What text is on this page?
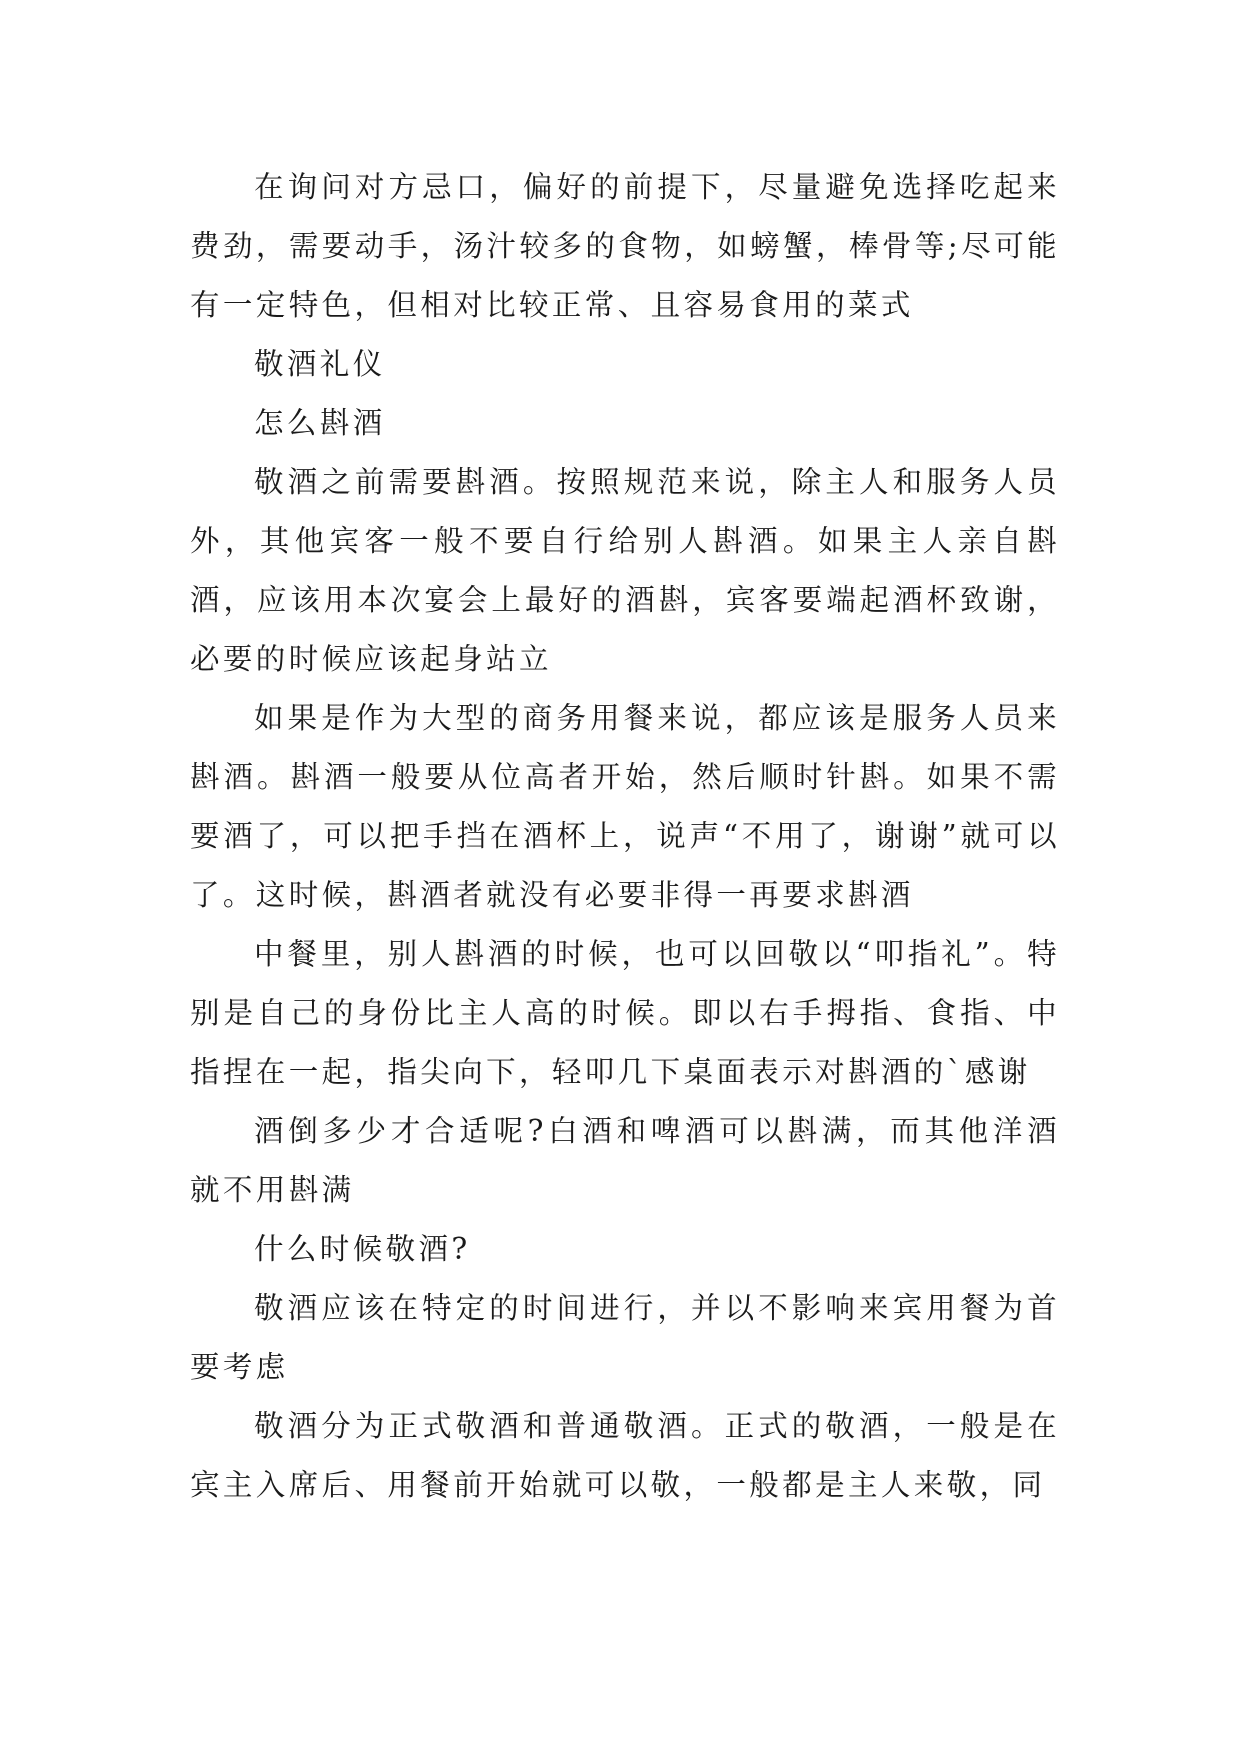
在询问对方忌口，偏好的前提下，尽量避免选择吃起来费劲，需要动手，汤汁较多的食物，如螃蟹，棒骨等;尽可能有一定特色，但相对比较正常、且容易食用的菜式

敬酒礼仪

怎么斟酒

敬酒之前需要斟酒。按照规范来说，除主人和服务人员外，其他宾客一般不要自行给别人斟酒。如果主人亲自斟酒，应该用本次宴会上最好的酒斟，宾客要端起酒杯致谢，必要的时候应该起身站立

如果是作为大型的商务用餐来说，都应该是服务人员来斟酒。斟酒一般要从位高者开始，然后顺时针斟。如果不需要酒了，可以把手挡在酒杯上，说声“不用了，谢谢”就可以了。这时候，斟酒者就没有必要非得一再要求斟酒

中餐里，别人斟酒的时候，也可以回敬以“叩指礼”。特别是自己的身份比主人高的时候。即以右手拇指、食指、中指捏在一起，指尖向下，轻叩几下桌面表示对斟酒的`感谢

酒倒多少才合适呢?白酒和啤酒可以斟满，而其他洋酒就不用斟满

什么时候敬酒?

敬酒应该在特定的时间进行，并以不影响来宾用餐为首要考虑

敬酒分为正式敬酒和普通敬酒。正式的敬酒，一般是在宾主入席后、用餐前开始就可以敬，一般都是主人来敬，同
